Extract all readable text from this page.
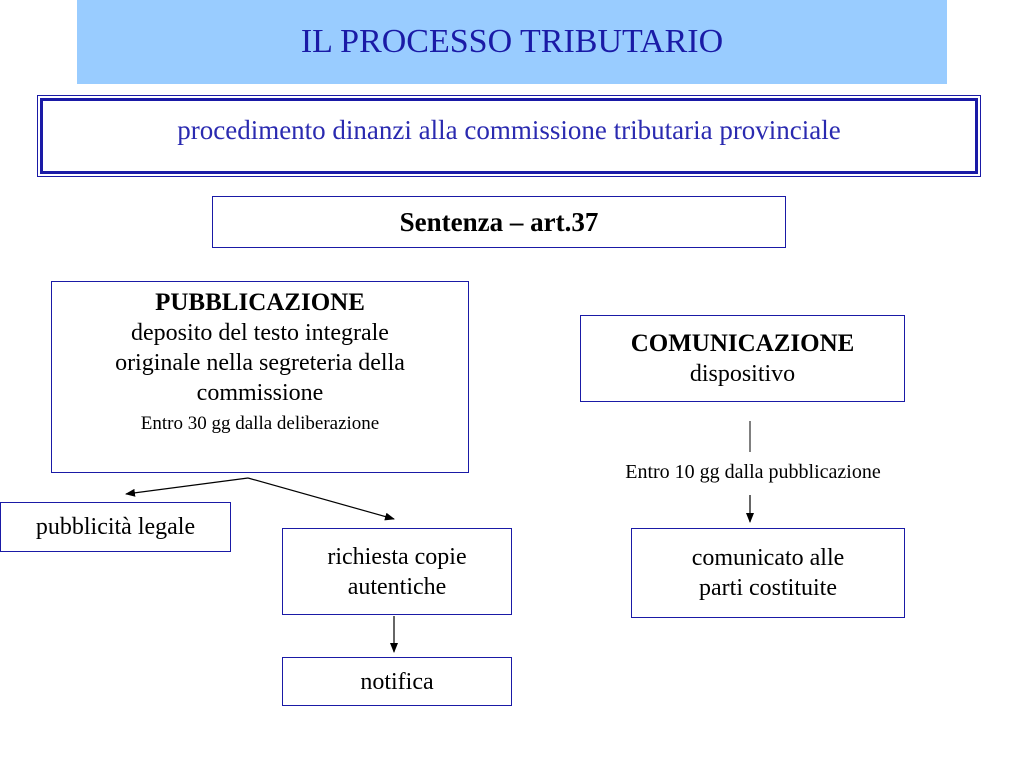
IL PROCESSO TRIBUTARIO
procedimento dinanzi alla commissione tributaria provinciale
Sentenza – art.37
PUBBLICAZIONE
deposito del testo integrale
originale nella segreteria della
commissione
Entro 30 gg dalla deliberazione
COMUNICAZIONE
dispositivo
Entro 10 gg dalla pubblicazione
pubblicità legale
richiesta copie
autentiche
notifica
comunicato alle
parti costituite
